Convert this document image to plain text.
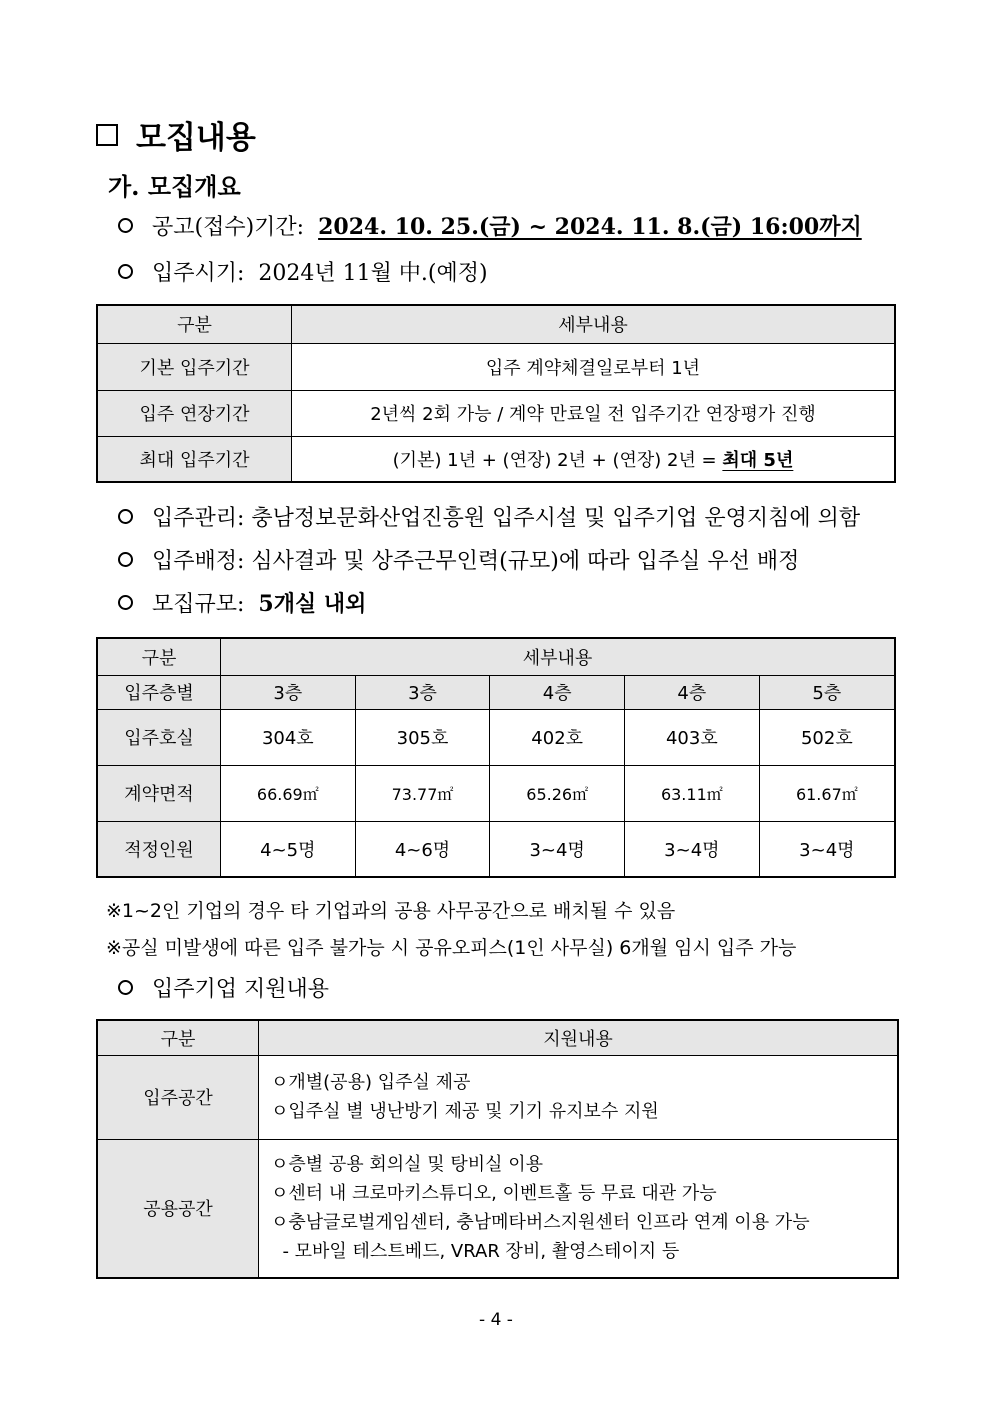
모집내용
가. 모집개요
공고(접수)기간: 2024. 10. 25.(금) ~ 2024. 11. 8.(금) 16:00까지
입주시기: 2024년 11월 中.(예정)
구분	세부내용
기본 입주기간	입주 계약체결일로부터 1년
입주 연장기간	2년씩 2회 가능 / 계약 만료일 전 입주기간 연장평가 진행
최대 입주기간	(기본) 1년 + (연장) 2년 + (연장) 2년 = 최대 5년
입주관리: 충남정보문화산업진흥원 입주시설 및 입주기업 운영지침에 의함
입주배정: 심사결과 및 상주근무인력(규모)에 따라 입주실 우선 배정
모집규모: 5개실 내외
구분	세부내용				
입주층별	3층	3층	4층	4층	5층
입주호실	304호	305호	402호	403호	502호
계약면적	66.69㎡	73.77㎡	65.26㎡	63.11㎡	61.67㎡
적정인원	4~5명	4~6명	3~4명	3~4명	3~4명
※1~2인 기업의 경우 타 기업과의 공용 사무공간으로 배치될 수 있음
※공실 미발생에 따른 입주 불가능 시 공유오피스(1인 사무실) 6개월 임시 입주 가능
입주기업 지원내용
구분	지원내용
입주공간	ㅇ개별(공용) 입주실 제공
ㅇ입주실 별 냉난방기 제공 및 기기 유지보수 지원

공용공간	ㅇ층별 공용 회의실 및 탕비실 이용
ㅇ센터 내 크로마키스튜디오, 이벤트홀 등 무료 대관 가능
ㅇ충남글로벌게임센터, 충남메타버스지원센터 인프라 연계 이용 가능
- 모바일 테스트베드, VRAR 장비, 촬영스테이지 등
- 4 -
